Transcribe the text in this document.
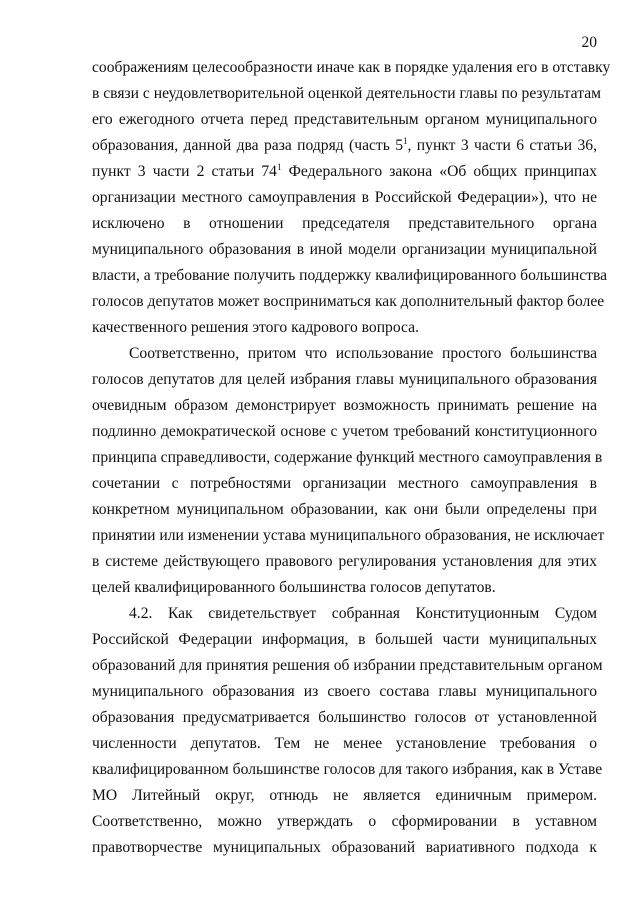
20
соображениям целесообразности иначе как в порядке удаления его в отставку
в связи с неудовлетворительной оценкой деятельности главы по результатам
его ежегодного отчета перед представительным органом муниципального
образования, данной два раза подряд (часть $5^1$, пункт 3 части 6 статьи 36,
пункт 3 части 2 статьи $74^1$ Федерального закона «Об общих принципах
организации местного самоуправления в Российской Федерации»), что не
исключено в отношении председателя представительного органа
муниципального образования в иной модели организации муниципальной
власти, а требование получить поддержку квалифицированного большинства
голосов депутатов может восприниматься как дополнительный фактор более
качественного решения этого кадрового вопроса.
Соответственно, притом что использование простого большинства
голосов депутатов для целей избрания главы муниципального образования
очевидным образом демонстрирует возможность принимать решение на
подлинно демократической основе с учетом требований конституционного
принципа справедливости, содержание функций местного самоуправления в
сочетании с потребностями организации местного самоуправления в
конкретном муниципальном образовании, как они были определены при
принятии или изменении устава муниципального образования, не исключает
в системе действующего правового регулирования установления для этих
целей квалифицированного большинства голосов депутатов.
4.2. Как свидетельствует собранная Конституционным Судом
Российской Федерации информация, в большей части муниципальных
образований для принятия решения об избрании представительным органом
муниципального образования из своего состава главы муниципального
образования предусматривается большинство голосов от установленной
численности депутатов. Тем не менее установление требования о
квалифицированном большинстве голосов для такого избрания, как в Уставе
МО Литейный округ, отнюдь не является единичным примером.
Соответственно, можно утверждать о сформировании в уставном
правотворчестве муниципальных образований вариативного подхода к
